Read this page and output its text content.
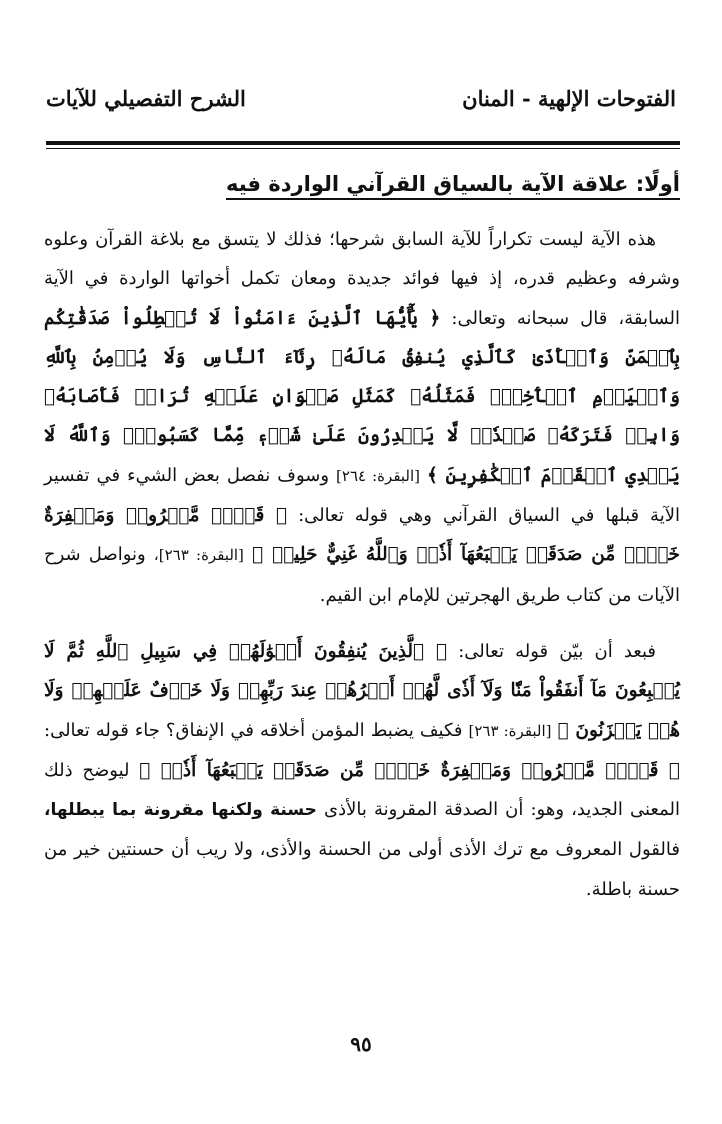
الفتوحات الإلهية - المنان
الشرح التفصيلي للآيات
أولًا: علاقة الآية بالسياق القرآني الواردة فيه

هذه الآية ليست تكراراً للآية السابق شرحها؛ فذلك لا يتسق مع بلاغة القرآن وعلوه وشرفه وعظيم قدره، إذ فيها فوائد جديدة ومعان تكمل أخواتها الواردة في الآية السابقة، قال سبحانه وتعالى: ﴿ يَٰٓأَيُّهَا ٱلَّذِينَ ءَامَنُواْ لَا تُبۡطِلُواْ صَدَقَٰتِكُم بِٱلۡمَنِّ وَٱلۡأَذَىٰ كَٱلَّذِي يُنفِقُ مَالَهُۥ رِئَآءَ ٱلنَّاسِ وَلَا يُؤۡمِنُ بِٱللَّهِ وَٱلۡيَوۡمِ ٱلۡأٓخِرِۖ فَمَثَلُهُۥ كَمَثَلِ صَفۡوَانٍ عَلَيۡهِ تُرَابٞ فَأَصَابَهُۥ وَابِلٞ فَتَرَكَهُۥ صَلۡدٗاۖ لَّا يَقۡدِرُونَ عَلَىٰ شَيۡءٖ مِّمَّا كَسَبُواْۗ وَٱللَّهُ لَا يَهۡدِي ٱلۡقَوۡمَ ٱلۡكَٰفِرِينَ ﴾ [البقرة: ٢٦٤] وسوف نفصل بعض الشيء في تفسير الآية قبلها في السياق القرآني وهي قوله تعالى: ﴿ قَوۡلٞ مَّعۡرُوفٞ وَمَغۡفِرَةٌ خَيۡرٞ مِّن صَدَقَةٖ يَتۡبَعُهَآ أَذٗىۗ وَٱللَّهُ غَنِيٌّ حَلِيمٞ ﴾ [البقرة: ٢٦٣]، ونواصل شرح الآيات من كتاب طريق الهجرتين للإمام ابن القيم.

فبعد أن بيّن قوله تعالى: ﴿ ٱلَّذِينَ يُنفِقُونَ أَمۡوَٰلَهُمۡ فِي سَبِيلِ ٱللَّهِ ثُمَّ لَا يُتۡبِعُونَ مَآ أَنفَقُواْ مَنّٗا وَلَآ أَذٗى لَّهُمۡ أَجۡرُهُمۡ عِندَ رَبِّهِمۡ وَلَا خَوۡفٌ عَلَيۡهِمۡ وَلَا هُمۡ يَحۡزَنُونَ ﴾ [البقرة: ٢٦٣] فكيف يضبط المؤمن أخلاقه في الإنفاق؟ جاء قوله تعالى: ﴿ قَوۡلٞ مَّعۡرُوفٞ وَمَغۡفِرَةٌ خَيۡرٞ مِّن صَدَقَةٖ يَتۡبَعُهَآ أَذٗىۗ ﴾ ليوضح ذلك المعنى الجديد، وهو: أن الصدقة المقرونة بالأذى حسنة ولكنها مقرونة بما يبطلها، فالقول المعروف مع ترك الأذى أولى من الحسنة والأذى، ولا ريب أن حسنتين خير من حسنة باطلة.

٩٥
